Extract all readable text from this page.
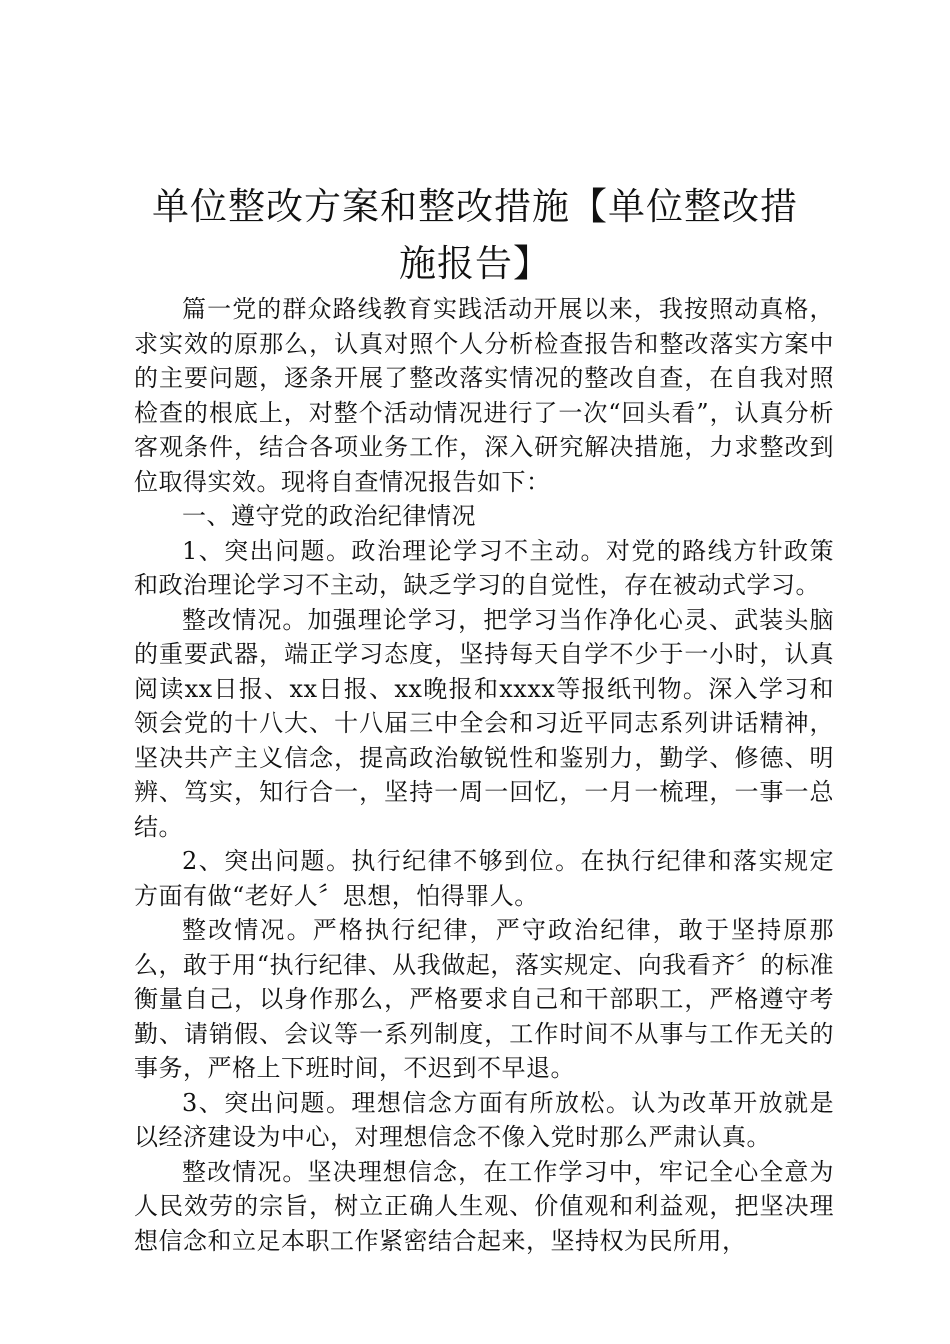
单位整改方案和整改措施【单位整改措施报告】

篇一党的群众路线教育实践活动开展以来，我按照动真格，求实效的原那么，认真对照个人分析检查报告和整改落实方案中的主要问题，逐条开展了整改落实情况的整改自查，在自我对照检查的根底上，对整个活动情况进行了一次“回头看”，认真分析客观条件，结合各项业务工作，深入研究解决措施，力求整改到位取得实效。现将自查情况报告如下：

一、遵守党的政治纪律情况

1、突出问题。政治理论学习不主动。对党的路线方针政策和政治理论学习不主动，缺乏学习的自觉性，存在被动式学习。

整改情况。加强理论学习，把学习当作净化心灵、武装头脑的重要武器，端正学习态度，坚持每天自学不少于一小时，认真阅读xx日报、xx日报、xx晚报和xxxx等报纸刊物。深入学习和领会党的十八大、十八届三中全会和习近平同志系列讲话精神，坚决共产主义信念，提高政治敏锐性和鉴别力，勤学、修德、明辨、笃实，知行合一，坚持一周一回忆，一月一梳理，一事一总结。

2、突出问题。执行纪律不够到位。在执行纪律和落实规定方面有做“老好人〞思想，怕得罪人。

整改情况。严格执行纪律，严守政治纪律，敢于坚持原那么，敢于用“执行纪律、从我做起，落实规定、向我看齐〞的标准衡量自己，以身作那么，严格要求自己和干部职工，严格遵守考勤、请销假、会议等一系列制度，工作时间不从事与工作无关的事务，严格上下班时间，不迟到不早退。

3、突出问题。理想信念方面有所放松。认为改革开放就是以经济建设为中心，对理想信念不像入党时那么严肃认真。

整改情况。坚决理想信念，在工作学习中，牢记全心全意为人民效劳的宗旨，树立正确人生观、价值观和利益观，把坚决理想信念和立足本职工作紧密结合起来，坚持权为民所用，
